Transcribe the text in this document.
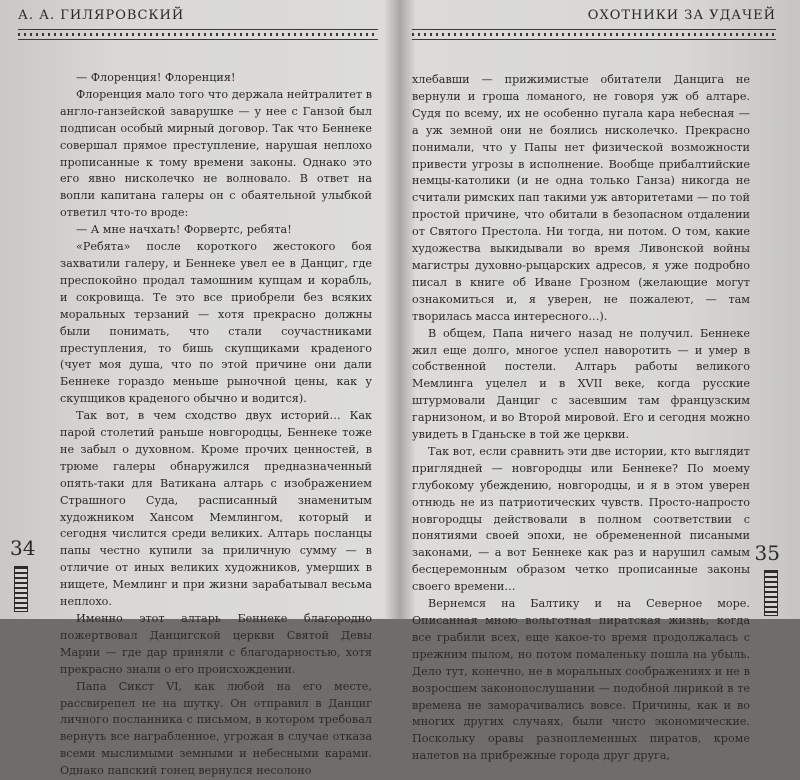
А. А. ГИЛЯРОВСКИЙ

— Флоренция! Флоренция!

Флоренция мало того что держала нейтралитет в англо-ганзейской заварушке — у нее с Ганзой был подписан особый мирный договор. Так что Беннеке совершал прямое преступление, нарушая неплохо прописанные к тому времени законы. Однако это его явно нисколечко не волновало. В ответ на вопли капитана галеры он с обаятельной улыбкой ответил что-то вроде:

— А мне начхать! Форвертс, ребята!

«Ребята» после короткого жестокого боя захватили галеру, и Беннеке увел ее в Данциг, где преспокойно продал тамошним купцам и корабль, и сокровища. Те это все приобрели без всяких моральных терзаний — хотя прекрасно должны были понимать, что стали соучастниками преступления, то бишь скупщиками краденого (чует моя душа, что по этой причине они дали Беннеке гораздо меньше рыночной цены, как у скупщиков краденого обычно и водится).

Так вот, в чем сходство двух историй… Как парой столетий раньше новгородцы, Беннеке тоже не забыл о духовном. Кроме прочих ценностей, в трюме галеры обнаружился предназначенный опять-таки для Ватикана алтарь с изображением Страшного Суда, расписанный знаменитым художником Хансом Мемлингом, который и сегодня числится среди великих. Алтарь посланцы папы честно купили за приличную сумму — в отличие от иных великих художников, умерших в нищете, Мемлинг и при жизни зарабатывал весьма неплохо.

Именно этот алтарь Беннеке благородно пожертвовал Данцигской церкви Святой Девы Марии — где дар приняли с благодарностью, хотя прекрасно знали о его происхождении.

Папа Сикст VI, как любой на его месте, рассвирепел не на шутку. Он отправил в Данциг личного посланника с письмом, в котором требовал вернуть все награбленное, угрожая в случае отказа всеми мыслимыми земными и небесными карами. Однако папский гонец вернулся несолоно

34
ОХОТНИКИ ЗА УДАЧЕЙ

хлебавши — прижимистые обитатели Данцига не вернули и гроша ломаного, не говоря уж об алтаре. Судя по всему, их не особенно пугала кара небесная — а уж земной они не боялись нисколечко. Прекрасно понимали, что у Папы нет физической возможности привести угрозы в исполнение. Вообще прибалтийские немцы-католики (и не одна только Ганза) никогда не считали римских пап такими уж авторитетами — по той простой причине, что обитали в безопасном отдалении от Святого Престола. Ни тогда, ни потом. О том, какие художества выкидывали во время Ливонской войны магистры духовно-рыцарских адресов, я уже подробно писал в книге об Иване Грозном (желающие могут ознакомиться и, я уверен, не пожалеют, — там творилась масса интересного…).

В общем, Папа ничего назад не получил. Беннеке жил еще долго, многое успел наворотить — и умер в собственной постели. Алтарь работы великого Мемлинга уцелел и в XVII веке, когда русские штурмовали Данциг с засевшим там французским гарнизоном, и во Второй мировой. Его и сегодня можно увидеть в Гданьске в той же церкви.

Так вот, если сравнить эти две истории, кто выглядит приглядней — новгородцы или Беннеке? По моему глубокому убеждению, новгородцы, и я в этом уверен отнюдь не из патриотических чувств. Просто-напросто новгородцы действовали в полном соответствии с понятиями своей эпохи, не обремененной писаными законами, — а вот Беннеке как раз и нарушил самым бесцеремонным образом четко прописанные законы своего времени…

Вернемся на Балтику и на Северное море. Описанная мною вольготная пиратская жизнь, когда все грабили всех, еще какое-то время продолжалась с прежним пылом, но потом помаленьку пошла на убыль. Дело тут, конечно, не в моральных соображениях и не в возросшем законопослушании — подобной лирикой в те времена не заморачивались вовсе. Причины, как и во многих других случаях, были чисто экономические. Поскольку оравы разноплеменных пиратов, кроме налетов на прибрежные города друг друга,

35
